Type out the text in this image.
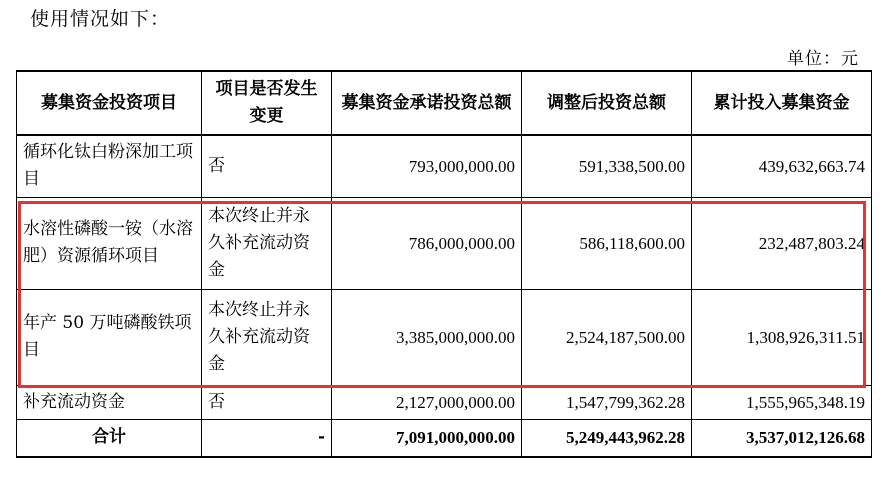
使用情况如下：
单位：元
募集资金投资项目	项目是否发生变更	募集资金承诺投资总额	调整后投资总额	累计投入募集资金
循环化钛白粉深加工项目	否	793,000,000.00	591,338,500.00	439,632,663.74
水溶性磷酸一铵（水溶肥）资源循环项目	本次终止并永久补充流动资金	786,000,000.00	586,118,600.00	232,487,803.24
年产 50 万吨磷酸铁项目	本次终止并永久补充流动资金	3,385,000,000.00	2,524,187,500.00	1,308,926,311.51
补充流动资金	否	2,127,000,000.00	1,547,799,362.28	1,555,965,348.19
合计	-	7,091,000,000.00	5,249,443,962.28	3,537,012,126.68
